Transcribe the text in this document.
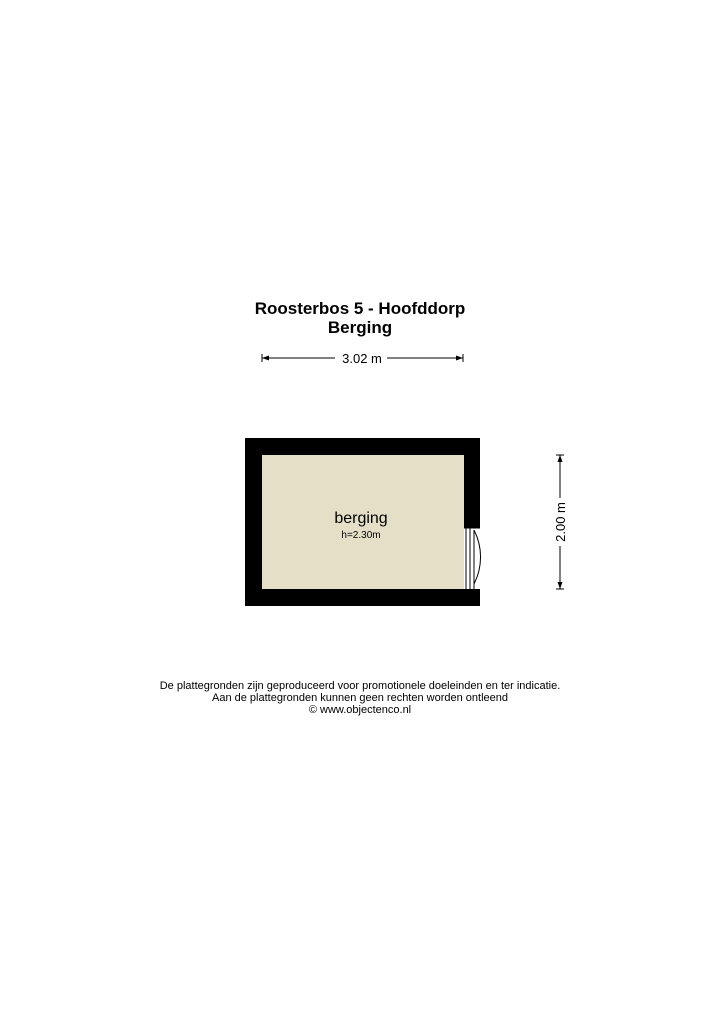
Roosterbos 5 - Hoofddorp
Berging
3.02 m
2.00 m
berging
h=2.30m
De plattegronden zijn geproduceerd voor promotionele doeleinden en ter indicatie.
Aan de plattegronden kunnen geen rechten worden ontleend
© www.objectenco.nl
